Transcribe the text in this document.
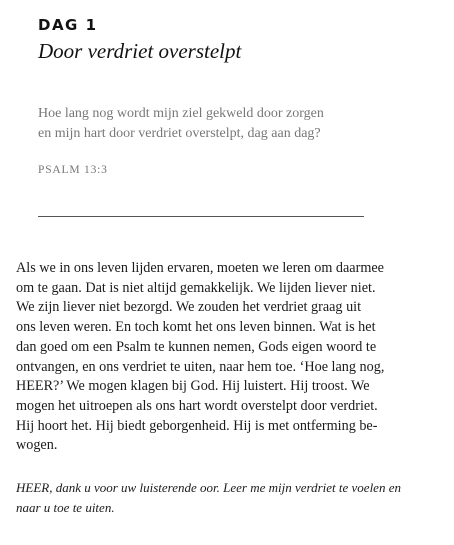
DAG 1
Door verdriet overstelpt
Hoe lang nog wordt mijn ziel gekweld door zorgen
en mijn hart door verdriet overstelpt, dag aan dag?
PSALM 13:3
Als we in ons leven lijden ervaren, moeten we leren om daarmee
om te gaan. Dat is niet altijd gemakkelijk. We lijden liever niet.
We zijn liever niet bezorgd. We zouden het verdriet graag uit
ons leven weren. En toch komt het ons leven binnen. Wat is het
dan goed om een Psalm te kunnen nemen, Gods eigen woord te
ontvangen, en ons verdriet te uiten, naar hem toe. ‘Hoe lang nog,
HEER?’ We mogen klagen bij God. Hij luistert. Hij troost. We
mogen het uitroepen als ons hart wordt overstelpt door verdriet.
Hij hoort het. Hij biedt geborgenheid. Hij is met ontferming be-
wogen.
HEER, dank u voor uw luisterende oor. Leer me mijn verdriet te voelen en
naar u toe te uiten.
